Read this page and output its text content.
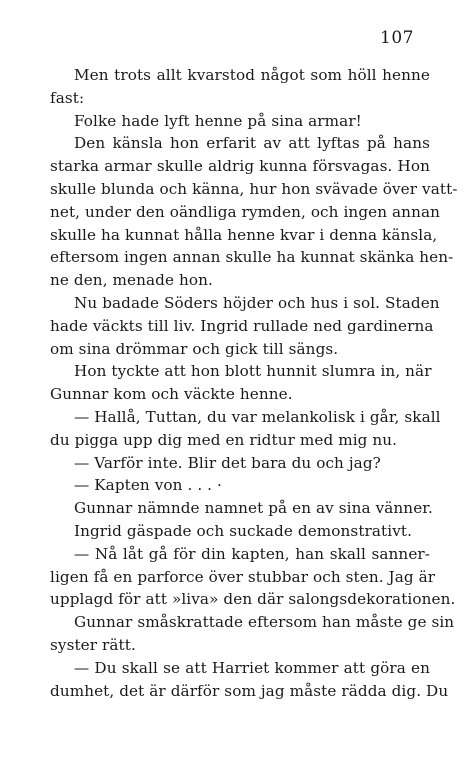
107
Men trots allt kvarstod något som höll henne
fast:
Folke hade lyft henne på sina armar!
Den känsla hon erfarit av att lyftas på hans
starka armar skulle aldrig kunna försvagas. Hon
skulle blunda och känna, hur hon svävade över vatt-
net, under den oändliga rymden, och ingen annan
skulle ha kunnat hålla henne kvar i denna känsla,
eftersom ingen annan skulle ha kunnat skänka hen-
ne den, menade hon.
Nu badade Söders höjder och hus i sol. Staden
hade väckts till liv. Ingrid rullade ned gardinerna
om sina drömmar och gick till sängs.
Hon tyckte att hon blott hunnit slumra in, när
Gunnar kom och väckte henne.
— Hallå, Tuttan, du var melankolisk i går, skall
du pigga upp dig med en ridtur med mig nu.
— Varför inte. Blir det bara du och jag?
— Kapten von . . . ·
Gunnar nämnde namnet på en av sina vänner.
Ingrid gäspade och suckade demonstrativt.
— Nå låt gå för din kapten, han skall sanner-
ligen få en parforce över stubbar och sten. Jag är
upplagd för att »liva» den där salongsdekorationen.
Gunnar småskrattade eftersom han måste ge sin
syster rätt.
— Du skall se att Harriet kommer att göra en
dumhet, det är därför som jag måste rädda dig. Du
